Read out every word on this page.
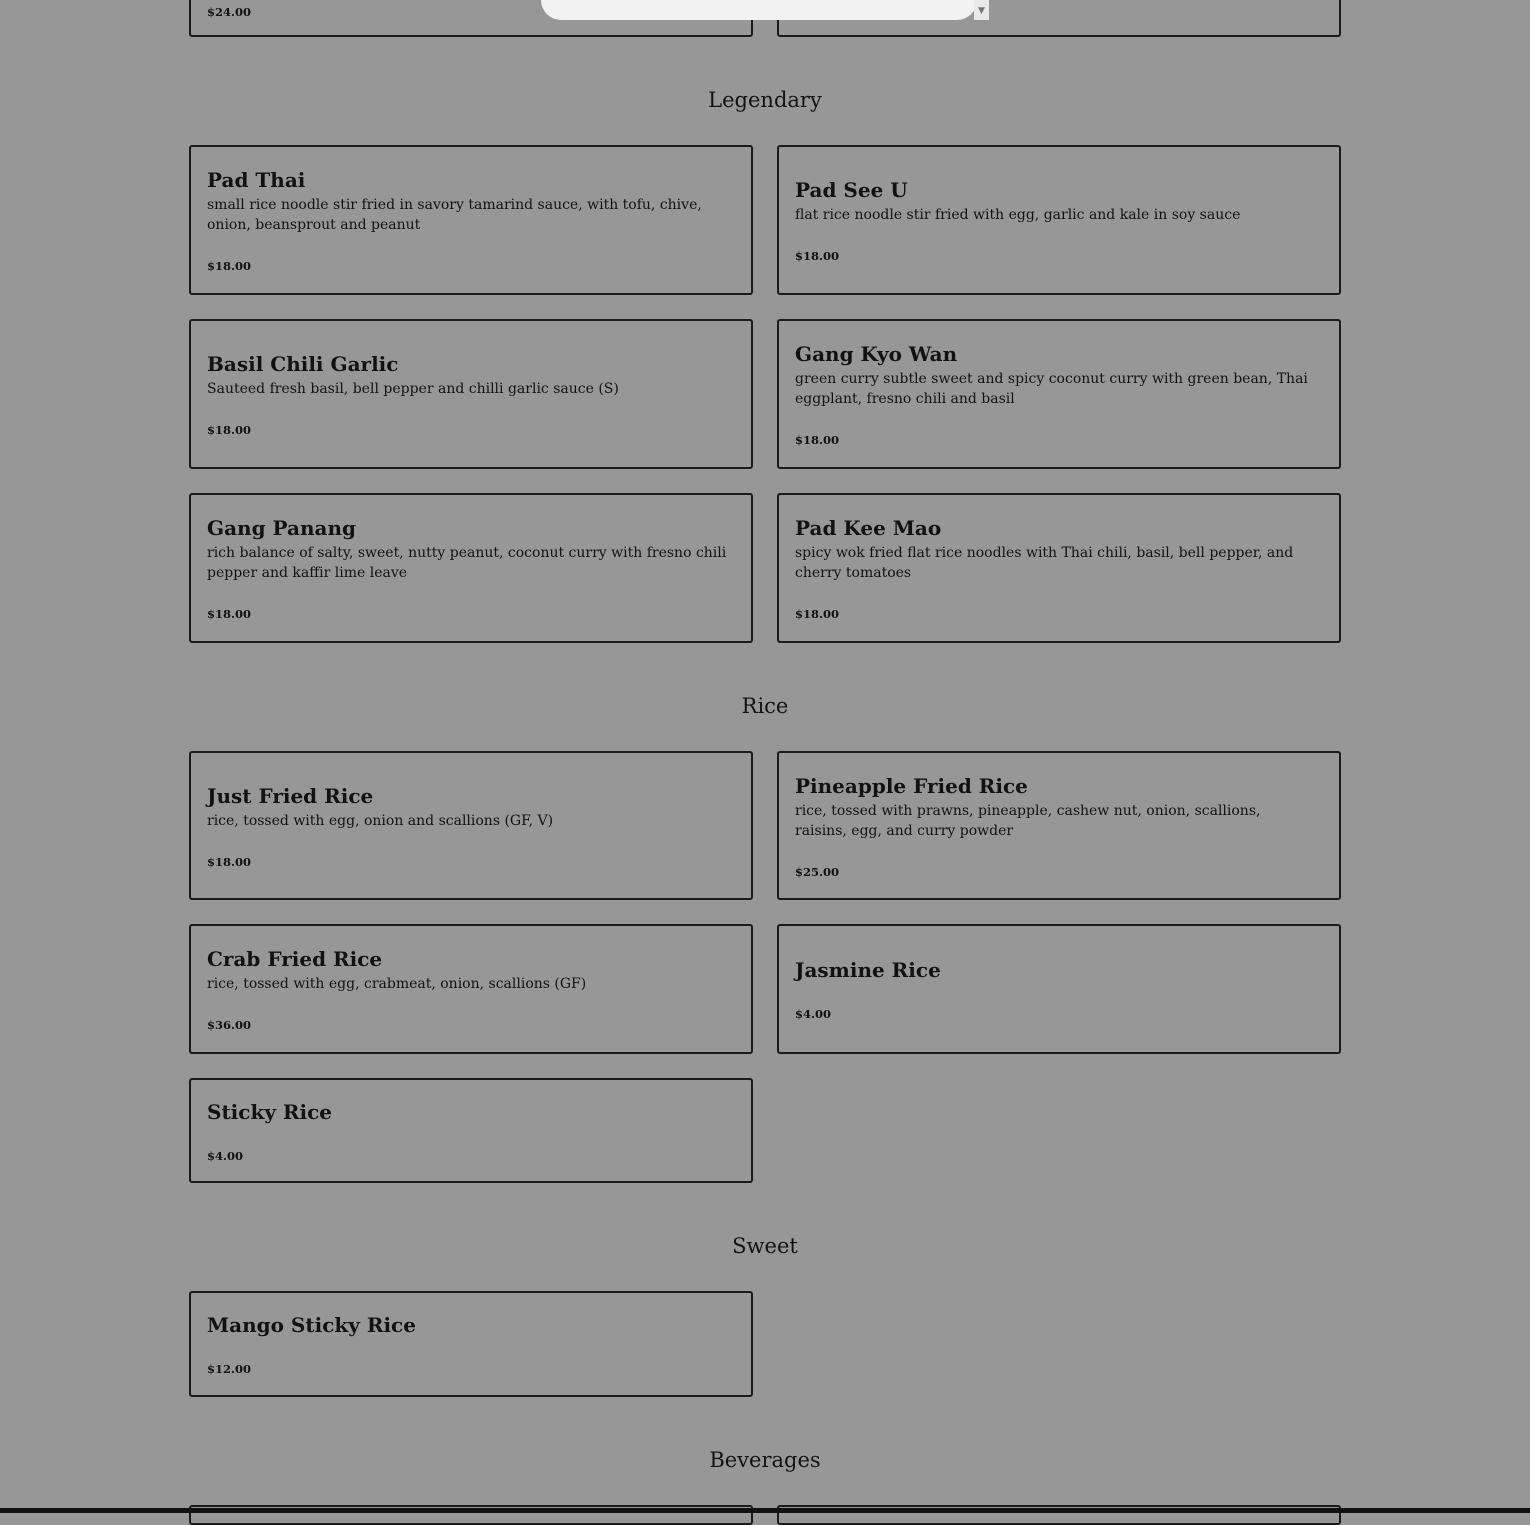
$24.00	▼
Legendary
Pad Thai
small rice noodle stir fried in savory tamarind sauce, with tofu, chive, onion, beansprout and peanut
$18.00
Pad See U
flat rice noodle stir fried with egg, garlic and kale in soy sauce
$18.00
Basil Chili Garlic
Sauteed fresh basil, bell pepper and chilli garlic sauce (S)
$18.00
Gang Kyo Wan
green curry subtle sweet and spicy coconut curry with green bean, Thai eggplant, fresno chili and basil
$18.00
Gang Panang
rich balance of salty, sweet, nutty peanut, coconut curry with fresno chili pepper and kaffir lime leave
$18.00
Pad Kee Mao
spicy wok fried flat rice noodles with Thai chili, basil, bell pepper, and cherry tomatoes
$18.00
Rice
Just Fried Rice
rice, tossed with egg, onion and scallions (GF, V)
$18.00
Pineapple Fried Rice
rice, tossed with prawns, pineapple, cashew nut, onion, scallions, raisins, egg, and curry powder
$25.00
Crab Fried Rice
rice, tossed with egg, crabmeat, onion, scallions (GF)
$36.00
Jasmine Rice
$4.00
Sticky Rice
$4.00
Sweet
Mango Sticky Rice
$12.00
Beverages
